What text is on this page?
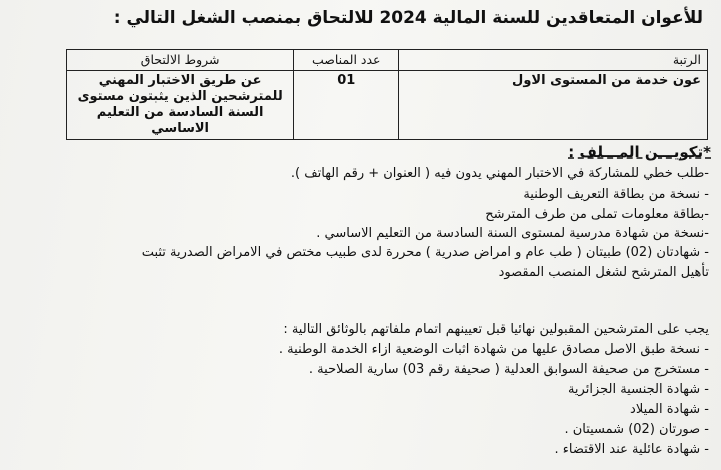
للأعوان المتعاقدين للسنة المالية 2024 للالتحاق بمنصب الشغل التالي :
الرتبة	عدد المناصب	شروط الالتحاق
عون خدمة من المستوى الاول	01	عن طريق الاختبار المهني للمترشحين الذين يثبتون مستوى السنة السادسة من التعليم الاساسي
*تكويـــن المـــلف :
-طلب خطي للمشاركة في الاختبار المهني يدون فيه ( العنوان + رقم الهاتف ).
- نسخة من بطاقة التعريف الوطنية
-بطاقة معلومات تملى من طرف المترشح
-نسخة من شهادة مدرسية لمستوى السنة السادسة من التعليم الاساسي .
- شهادتان (02) طبيتان ( طب عام و امراض صدرية ) محررة لدى طبيب مختص في الامراض الصدرية تثبت
تأهيل المترشح لشغل المنصب المقصود
يجب على المترشحين المقبولين نهائيا قبل تعيينهم اتمام ملفاتهم بالوثائق التالية :
- نسخة طبق الاصل مصادق عليها من شهادة اثبات الوضعية ازاء الخدمة الوطنية .
- مستخرج من صحيفة السوابق العدلية ( صحيفة رقم 03) سارية الصلاحية .
- شهادة الجنسية الجزائرية
- شهادة الميلاد
- صورتان (02) شمسيتان .
- شهادة عائلية عند الاقتضاء .
